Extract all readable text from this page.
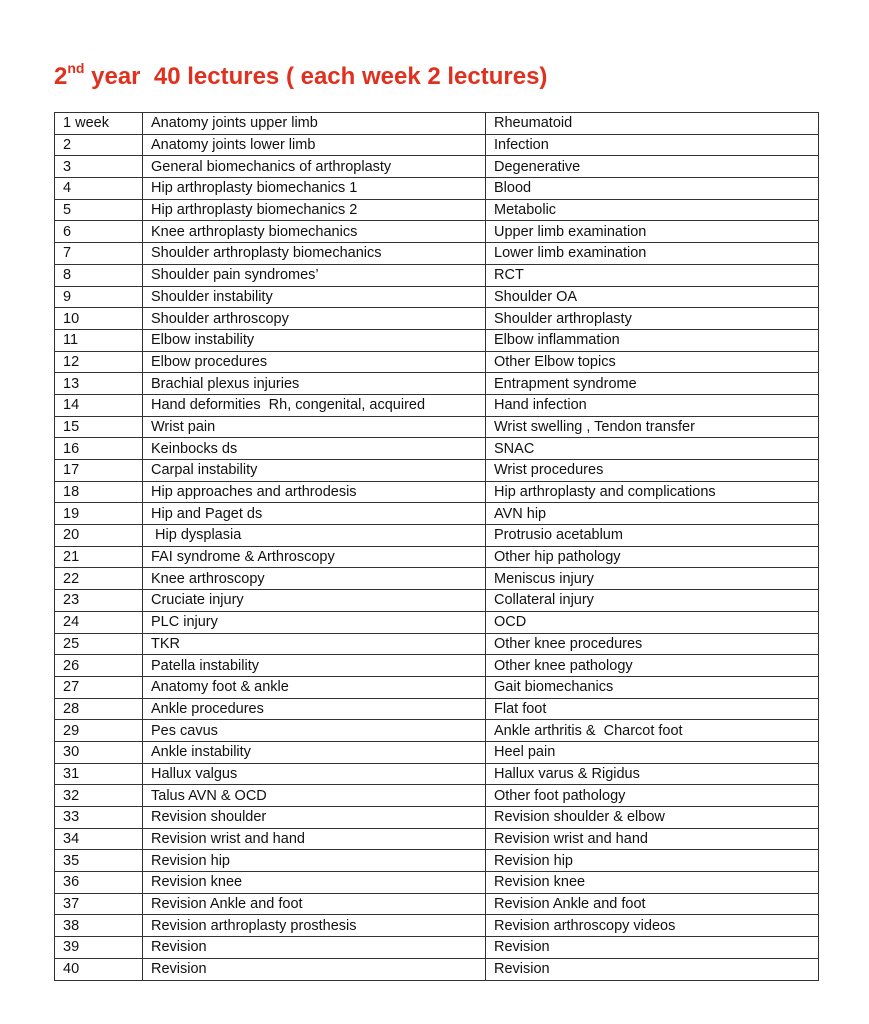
2nd year  40 lectures ( each week 2 lectures)
1 week	Anatomy joints upper limb	Rheumatoid
2	Anatomy joints lower limb	Infection
3	General biomechanics of arthroplasty	Degenerative
4	Hip arthroplasty biomechanics 1	Blood
5	Hip arthroplasty biomechanics 2	Metabolic
6	Knee arthroplasty biomechanics	Upper limb examination
7	Shoulder arthroplasty biomechanics	Lower limb examination
8	Shoulder pain syndromes’	RCT
9	Shoulder instability	Shoulder OA
10	Shoulder arthroscopy	Shoulder arthroplasty
11	Elbow instability	Elbow inflammation
12	Elbow procedures	Other Elbow topics
13	Brachial plexus injuries	Entrapment syndrome
14	Hand deformities  Rh, congenital, acquired	Hand infection
15	Wrist pain	Wrist swelling , Tendon transfer
16	Keinbocks ds	SNAC
17	Carpal instability	Wrist procedures
18	Hip approaches and arthrodesis	Hip arthroplasty and complications
19	Hip and Paget ds	AVN hip
20	Hip dysplasia	Protrusio acetablum
21	FAI syndrome & Arthroscopy	Other hip pathology
22	Knee arthroscopy	Meniscus injury
23	Cruciate injury	Collateral injury
24	PLC injury	OCD
25	TKR	Other knee procedures
26	Patella instability	Other knee pathology
27	Anatomy foot & ankle	Gait biomechanics
28	Ankle procedures	Flat foot
29	Pes cavus	Ankle arthritis &  Charcot foot
30	Ankle instability	Heel pain
31	Hallux valgus	Hallux varus & Rigidus
32	Talus AVN & OCD	Other foot pathology
33	Revision shoulder	Revision shoulder & elbow
34	Revision wrist and hand	Revision wrist and hand
35	Revision hip	Revision hip
36	Revision knee	Revision knee
37	Revision Ankle and foot	Revision Ankle and foot
38	Revision arthroplasty prosthesis	Revision arthroscopy videos
39	Revision	Revision
40	Revision	Revision
